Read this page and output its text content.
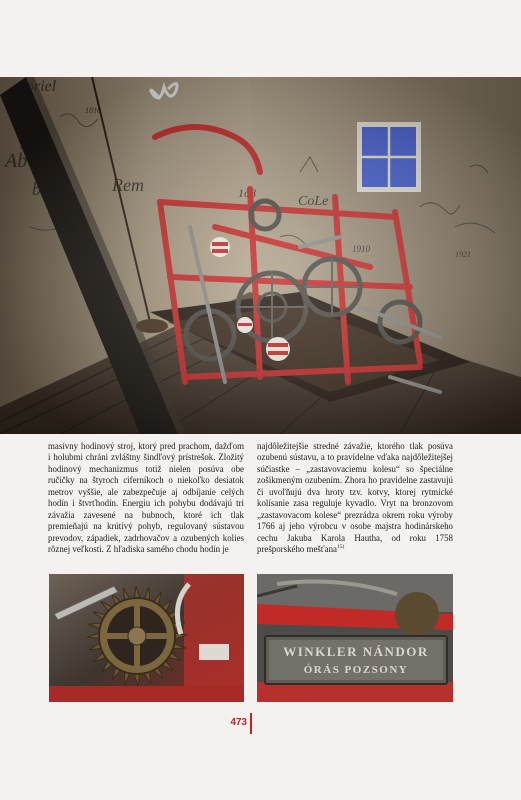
masívny hodinový stroj, ktorý pred prachom, dažďom i holubmi chráni zvláštny šindľový prístrešok. Zložitý hodinový mechanizmus totiž nielen posúva obe ručičky na štyroch ciferníkoch o niekoľko desiatok metrov vyššie, ale zabezpečuje aj odbíjanie celých hodín i štvrťhodín. Energiu ich pohybu dodávajú tri závažia zavesené na bubnoch, ktoré ich tlak premieňajú na krútivý pohyb, regulovaný sústavou prevodov, západiek, zadrhovačov a ozubených kolies rôznej veľkosti. Z hľadiska samého chodu hodín je

najdôležitejšie stredné závažie, ktorého tlak posúva ozubenú sústavu, a to pravidelne vďaka najdôležitejšej súčiastke – „zastavovaciemu kolesu“ so špeciálne zošikmeným ozubením. Zhora ho pravidelne zastavujú či uvoľňujú dva hroty tzv. kotvy, ktorej rytmické kolísanie zasa reguluje kyvadlo. Vryt na bronzovom „zastavovacom kolese“ prezrádza okrem roku výroby 1766 aj jeho výrobcu v osobe majstra hodinárskeho cechu Jakuba Karola Hautha, od roku 1758 prešporského mešťana$^{15)}$

WINKLER NÁNDOR
ÓRÁS POZSONY
473
